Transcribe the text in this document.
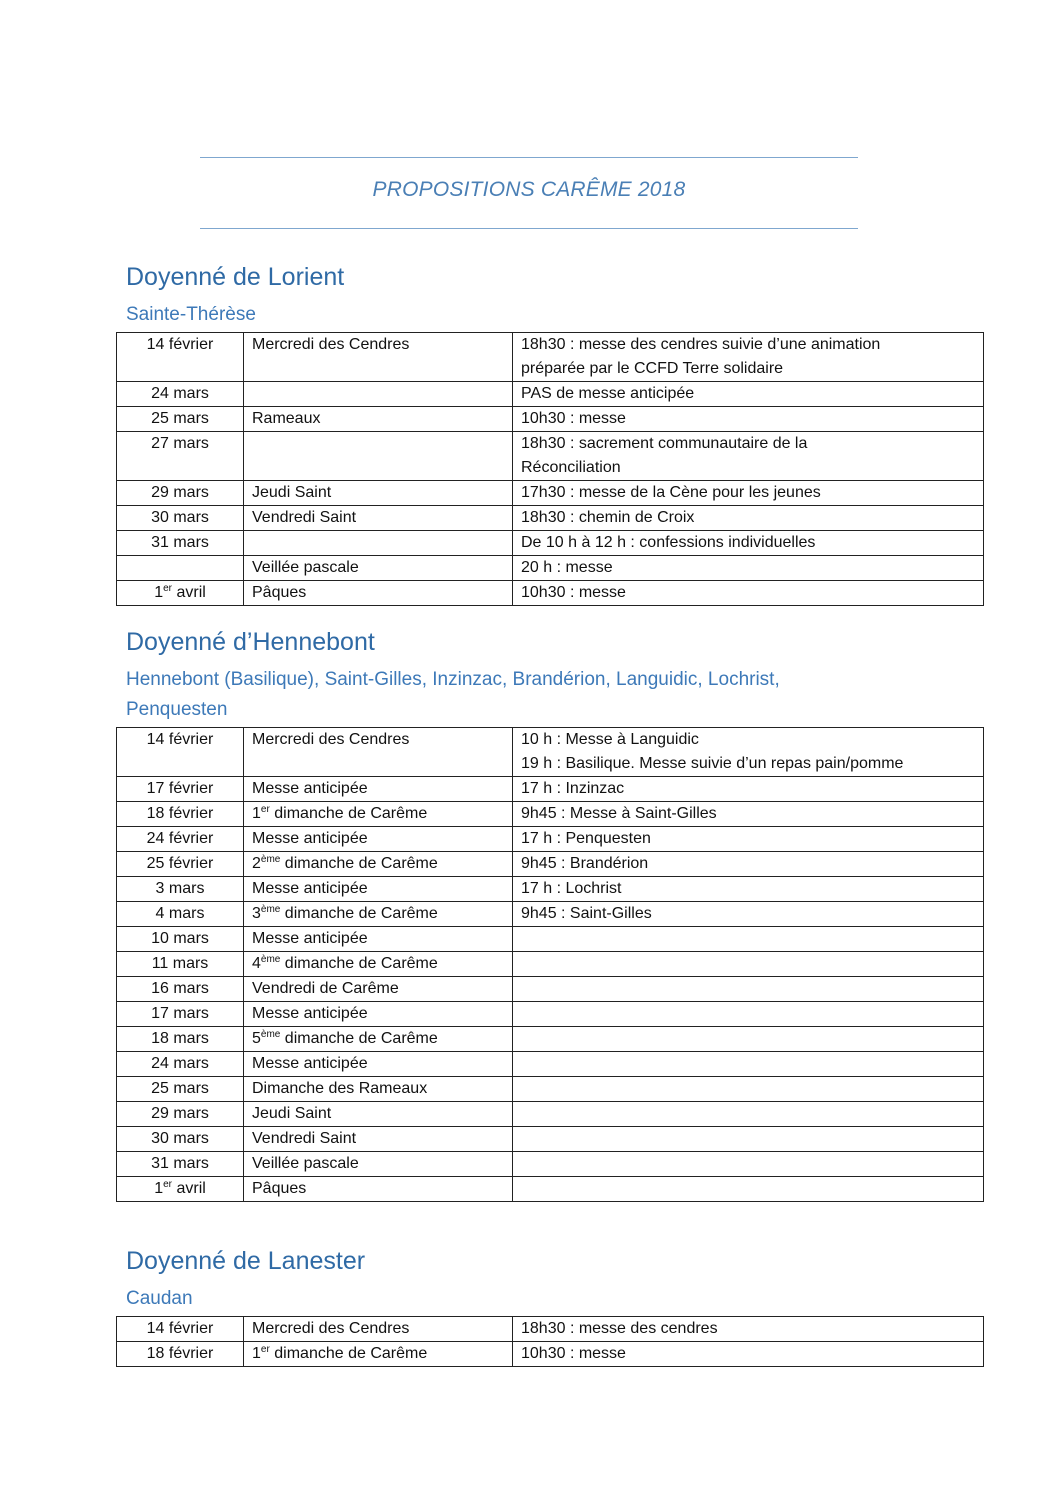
PROPOSITIONS CARÊME 2018
Doyenné de Lorient
Sainte-Thérèse
14 février	Mercredi des Cendres	18h30 : messe des cendres suivie d’une animation
préparée par le CCFD Terre solidaire

24 mars		PAS de messe anticipée

25 mars	Rameaux	10h30 : messe

27 mars		18h30 : sacrement communautaire de la
Réconciliation

29 mars	Jeudi Saint	17h30 : messe de la Cène pour les jeunes

30 mars	Vendredi Saint	18h30 : chemin de Croix

31 mars		De 10 h à 12 h : confessions individuelles

	Veillée pascale	20 h : messe

1er avril	Pâques	10h30 : messe
Doyenné d’Hennebont
Hennebont (Basilique), Saint-Gilles, Inzinzac, Brandérion, Languidic, Lochrist, Penquesten
14 février	Mercredi des Cendres	10 h : Messe à Languidic
19 h : Basilique. Messe suivie d’un repas pain/pomme

17 février	Messe anticipée	17 h : Inzinzac

18 février	1er dimanche de Carême	9h45 : Messe à Saint-Gilles

24 février	Messe anticipée	17 h : Penquesten

25 février	2ème dimanche de Carême	9h45 : Brandérion

3 mars	Messe anticipée	17 h : Lochrist

4 mars	3ème dimanche de Carême	9h45 : Saint-Gilles

10 mars	Messe anticipée	

11 mars	4ème dimanche de Carême	

16 mars	Vendredi de Carême	

17 mars	Messe anticipée	

18 mars	5ème dimanche de Carême	

24 mars	Messe anticipée	

25 mars	Dimanche des Rameaux	

29 mars	Jeudi Saint	

30 mars	Vendredi Saint	

31 mars	Veillée pascale	

1er avril	Pâques	
Doyenné de Lanester
Caudan
14 février	Mercredi des Cendres	18h30 : messe des cendres

18 février	1er dimanche de Carême	10h30 : messe
